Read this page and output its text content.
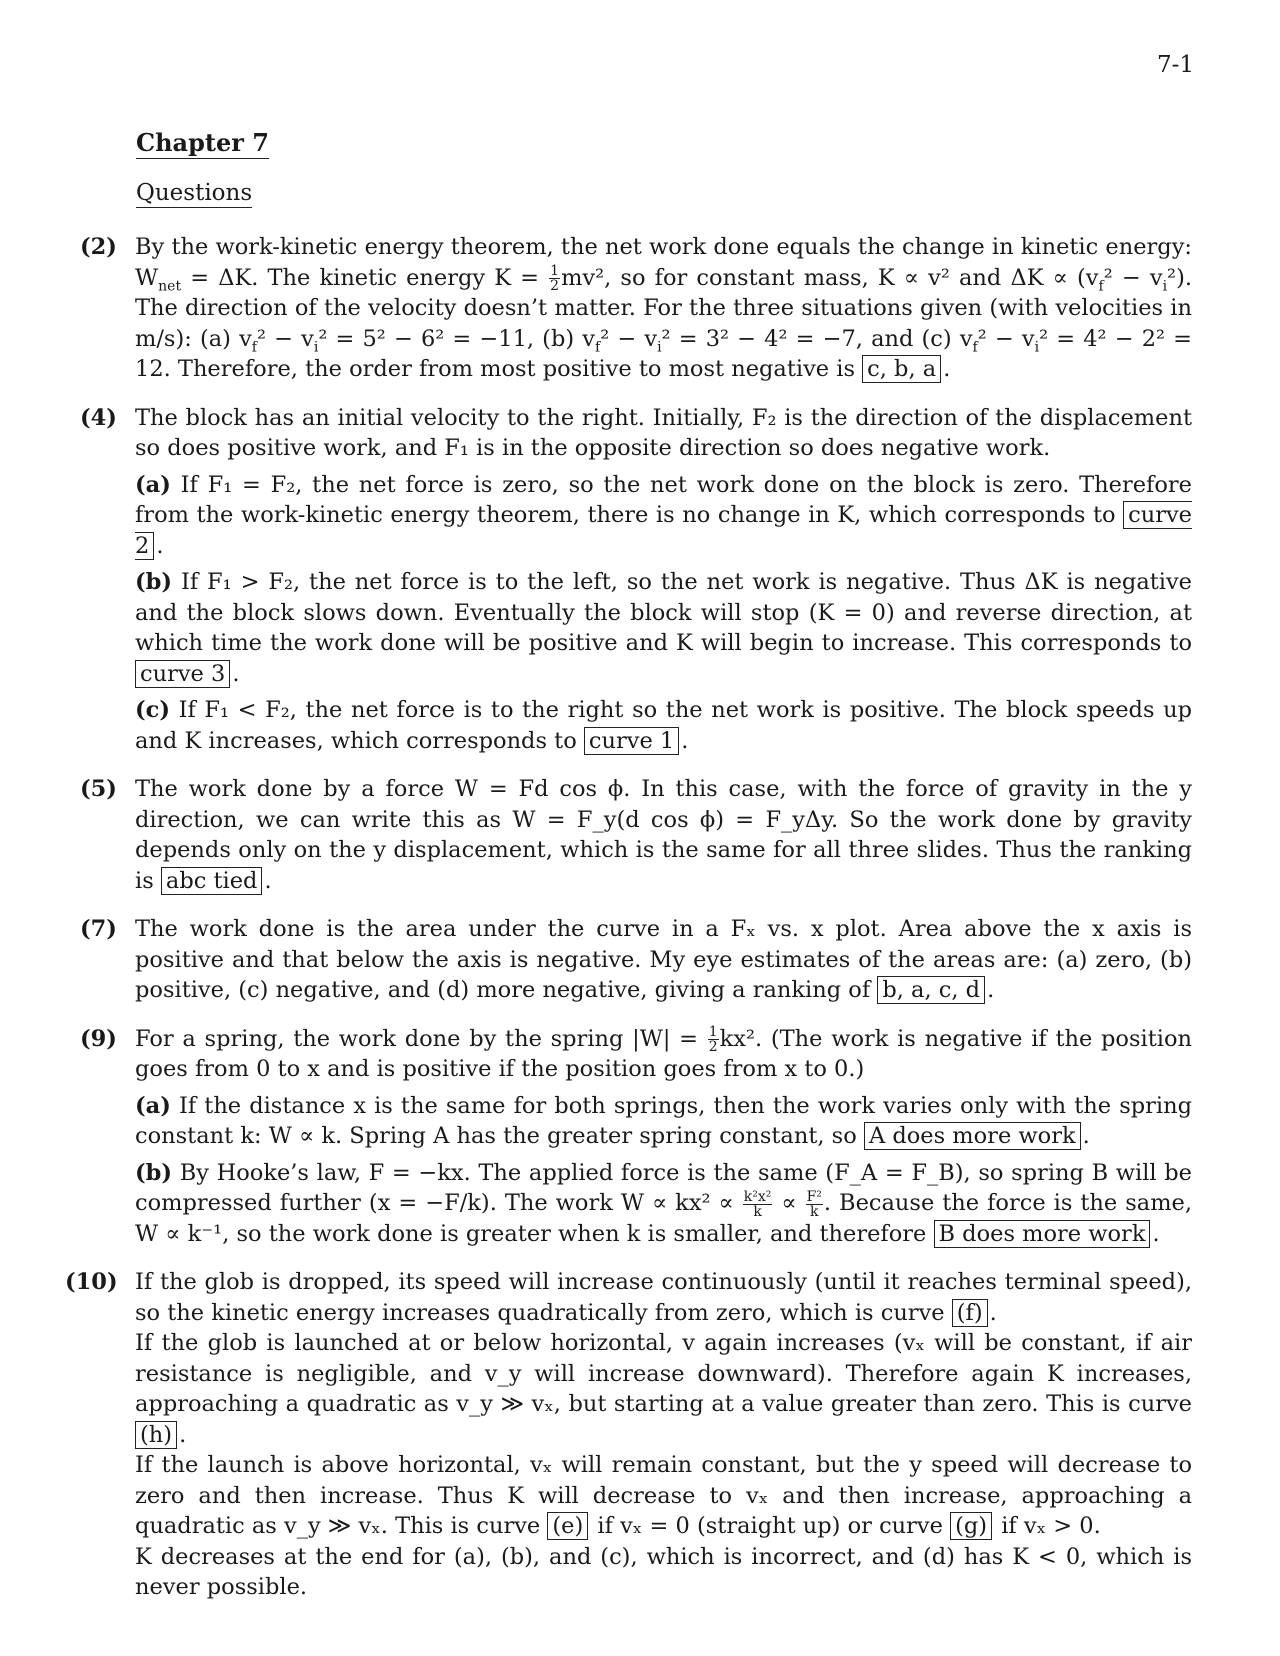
7-1
Chapter 7
Questions
(2) By the work-kinetic energy theorem, the net work done equals the change in kinetic energy: $W_{net} = \Delta K$. The kinetic energy $K = \frac{1}{2} mv^2$, so for constant mass, K ∝ v² and $\Delta K \propto (v_f^2 - v_i^2)$. The direction of the velocity doesn’t matter. For the three situations given (with velocities in m/s): (a) $v_f^2 - v_i^2 = 5^2 - 6^2 = -11$, (b) $v_f^2 - v_i^2 = 3^2 - 4^2 = -7$, and (c) $v_f^2 - v_i^2 = 4^2 - 2^2 = 12$. Therefore, the order from most positive to most negative is c, b, a .
(4) The block has an initial velocity to the right. Initially, F₂ is the direction of the displacement so does positive work, and F₁ is in the opposite direction so does negative work.
(a) If F₁ = F₂, the net force is zero, so the net work done on the block is zero. Therefore from the work-kinetic energy theorem, there is no change in K, which corresponds to curve 2 .
(b) If F₁ > F₂, the net force is to the left, so the net work is negative. Thus ΔK is negative and the block slows down. Eventually the block will stop (K = 0) and reverse direction, at which time the work done will be positive and K will begin to increase. This corresponds to curve 3 .
(c) If F₁ < F₂, the net force is to the right so the net work is positive. The block speeds up and K increases, which corresponds to curve 1 .
(5) The work done by a force W = Fd cos ϕ. In this case, with the force of gravity in the y direction, we can write this as W = F_y(d cos ϕ) = F_yΔy. So the work done by gravity depends only on the y displacement, which is the same for all three slides. Thus the ranking is abc tied .
(7) The work done is the area under the curve in a Fₓ vs. x plot. Area above the x axis is positive and that below the axis is negative. My eye estimates of the areas are: (a) zero, (b) positive, (c) negative, and (d) more negative, giving a ranking of b, a, c, d .
(9) For a spring, the work done by the spring $|W| = \frac{1}{2} kx^2$. (The work is negative if the position goes from 0 to x and is positive if the position goes from x to 0.)
(a) If the distance x is the same for both springs, then the work varies only with the spring constant k: W ∝ k. Spring A has the greater spring constant, so A does more work .
(b) By Hooke’s law, F = −kx. The applied force is the same (F_A = F_B), so spring B will be compressed further (x = −F/k). The work $W \propto kx^2 \propto \frac{\text{k²x²}}{k} \propto \frac{\text{F²}}{k}$ . Because the force is the same, W ∝ k⁻¹, so the work done is greater when k is smaller, and therefore B does more work .
(10) If the glob is dropped, its speed will increase continuously (until it reaches terminal speed), so the kinetic energy increases quadratically from zero, which is curve (f) .
If the glob is launched at or below horizontal, v again increases (vₓ will be constant, if air resistance is negligible, and v_y will increase downward). Therefore again K increases, approaching a quadratic as v_y ≫ vₓ, but starting at a value greater than zero. This is curve (h) .
If the launch is above horizontal, vₓ will remain constant, but the y speed will decrease to zero and then increase. Thus K will decrease to vₓ and then increase, approaching a quadratic as v_y ≫ vₓ. This is curve (e) if vₓ = 0 (straight up) or curve (g) if vₓ > 0.
K decreases at the end for (a), (b), and (c), which is incorrect, and (d) has K < 0, which is never possible.
